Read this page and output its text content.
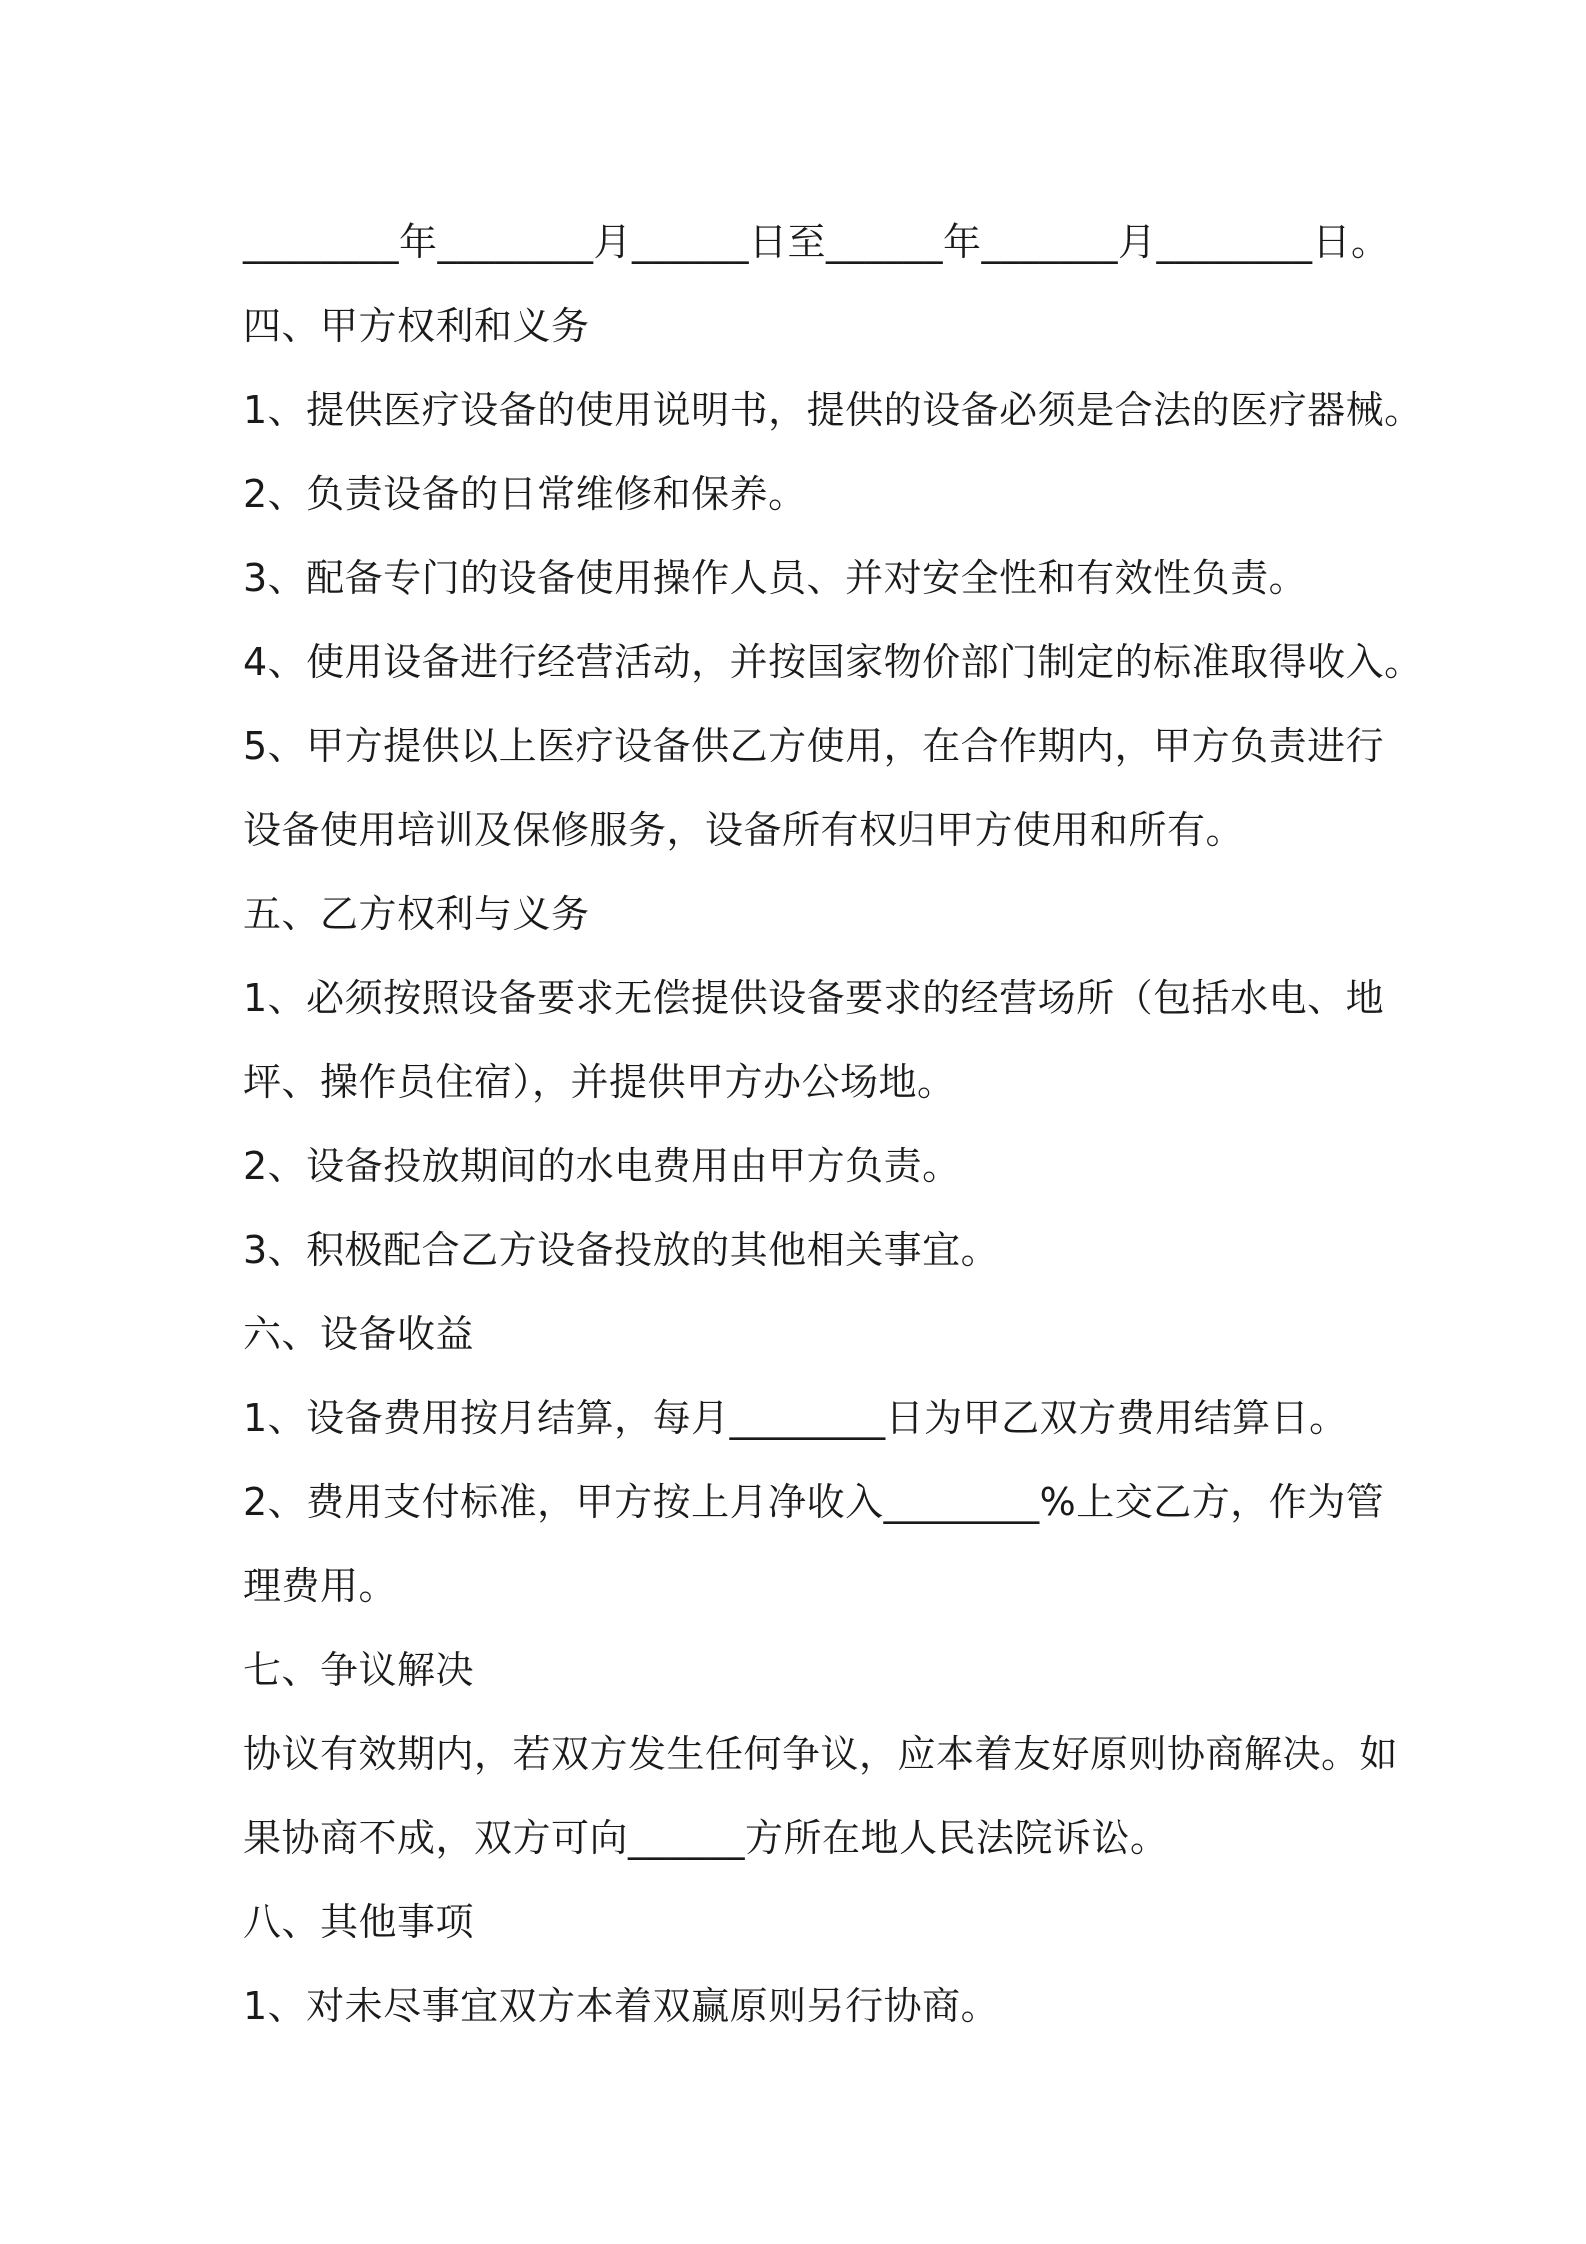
________年________月______日至______年_______月________日。
四、甲方权利和义务
1、提供医疗设备的使用说明书，提供的设备必须是合法的医疗器械。
2、负责设备的日常维修和保养。
3、配备专门的设备使用操作人员、并对安全性和有效性负责。
4、使用设备进行经营活动，并按国家物价部门制定的标准取得收入。
5、甲方提供以上医疗设备供乙方使用，在合作期内，甲方负责进行
设备使用培训及保修服务，设备所有权归甲方使用和所有。
五、乙方权利与义务
1、必须按照设备要求无偿提供设备要求的经营场所（包括水电、地
坪、操作员住宿），并提供甲方办公场地。
2、设备投放期间的水电费用由甲方负责。
3、积极配合乙方设备投放的其他相关事宜。
六、设备收益
1、设备费用按月结算，每月________日为甲乙双方费用结算日。
2、费用支付标准，甲方按上月净收入________%上交乙方，作为管
理费用。
七、争议解决
协议有效期内，若双方发生任何争议，应本着友好原则协商解决。如
果协商不成，双方可向______方所在地人民法院诉讼。
八、其他事项
1、对未尽事宜双方本着双赢原则另行协商。
